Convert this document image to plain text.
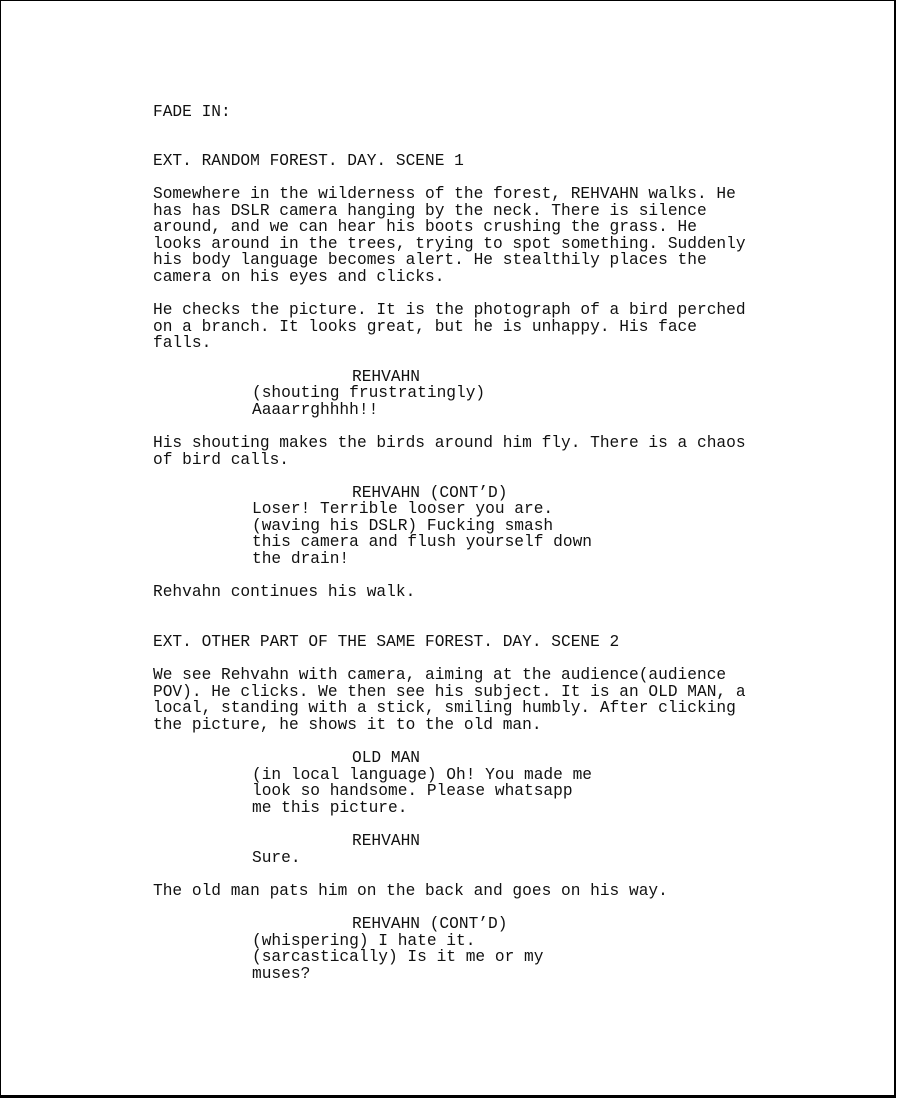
FADE IN:

EXT. RANDOM FOREST. DAY. SCENE 1

Somewhere in the wilderness of the forest, REHVAHN walks. He

has has DSLR camera hanging by the neck. There is silence

around, and we can hear his boots crushing the grass. He

looks around in the trees, trying to spot something. Suddenly

his body language becomes alert. He stealthily places the

camera on his eyes and clicks.

He checks the picture. It is the photograph of a bird perched

on a branch. It looks great, but he is unhappy. His face

falls.

REHVAHN

(shouting frustratingly)

Aaaarrghhhh!!

His shouting makes the birds around him fly. There is a chaos

of bird calls.

REHVAHN (CONT’D)

Loser! Terrible looser you are.

(waving his DSLR) Fucking smash

this camera and flush yourself down

the drain!

Rehvahn continues his walk.

EXT. OTHER PART OF THE SAME FOREST. DAY. SCENE 2

We see Rehvahn with camera, aiming at the audience(audience

POV). He clicks. We then see his subject. It is an OLD MAN, a

local, standing with a stick, smiling humbly. After clicking

the picture, he shows it to the old man.

OLD MAN

(in local language) Oh! You made me

look so handsome. Please whatsapp

me this picture.

REHVAHN

Sure.

The old man pats him on the back and goes on his way.

REHVAHN (CONT’D)

(whispering) I hate it.

(sarcastically) Is it me or my

muses?
